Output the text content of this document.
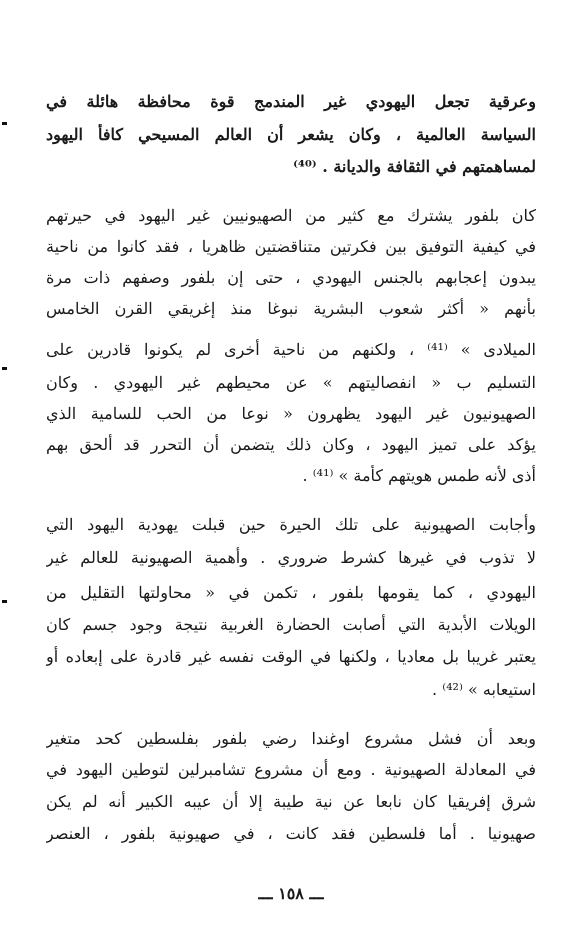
وعرقية تجعل اليهودي غير المندمج قوة محافظة هائلة في
السياسة العالمية ، وكان يشعر أن العالم المسيحي كافأ اليهود
لمساهمتهم في الثقافة والديانة . ⁽⁴⁰⁾
كان بلفور يشترك مع كثير من الصهيونيين غير اليهود في حيرتهم
في كيفية التوفيق بين فكرتين متناقضتين ظاهريا ، فقد كانوا من ناحية
يبدون إعجابهم بالجنس اليهودي ، حتى إن بلفور وصفهم ذات مرة
بأنهم « أكثر شعوب البشرية نبوغا منذ إغريقي القرن الخامس
الميلادى » ⁽⁴¹⁾ ، ولكنهم من ناحية أخرى لم يكونوا قادرين على
التسليم ب « انفصاليتهم » عن محيطهم غير اليهودي . وكان
الصهيونيون غير اليهود يظهرون « نوعا من الحب للسامية الذي
يؤكد على تميز اليهود ، وكان ذلك يتضمن أن التحرر قد ألحق بهم
أذى لأنه طمس هويتهم كأمة » ⁽⁴¹⁾ .
وأجابت الصهيونية على تلك الحيرة حين قبلت يهودية اليهود التي
لا تذوب في غيرها كشرط ضروري . وأهمية الصهيونية للعالم غير
اليهودي ، كما يقومها بلفور ، تكمن في « محاولتها التقليل من
الويلات الأبدية التي أصابت الحضارة الغربية نتيجة وجود جسم كان
يعتبر غريبا بل معاديا ، ولكنها في الوقت نفسه غير قادرة على إبعاده أو
استيعابه » ⁽⁴²⁾ .
وبعد أن فشل مشروع اوغندا رضي بلفور بفلسطين كحد متغير
في المعادلة الصهيونية . ومع أن مشروع تشامبرلين لتوطين اليهود في
شرق إفريقيا كان نابعا عن نية طيبة إلا أن عيبه الكبير أنه لم يكن
صهيونيا . أما فلسطين فقد كانت ، في صهيونية بلفور ، العنصر
ـــ ١٥٨ ـــ
